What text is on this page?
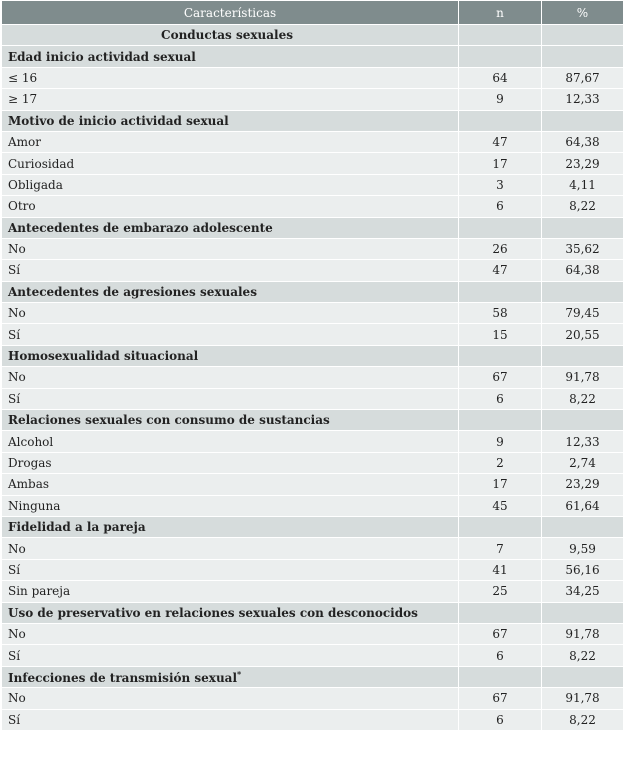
Características	n	%
Conductas sexuales		
Edad inicio actividad sexual		
≤ 16	64	87,67
≥ 17	9	12,33
Motivo de inicio actividad sexual		
Amor	47	64,38
Curiosidad	17	23,29
Obligada	3	4,11
Otro	6	8,22
Antecedentes de embarazo adolescente		
No	26	35,62
Sí	47	64,38
Antecedentes de agresiones sexuales		
No	58	79,45
Sí	15	20,55
Homosexualidad situacional		
No	67	91,78
Sí	6	8,22
Relaciones sexuales con consumo de sustancias		
Alcohol	9	12,33
Drogas	2	2,74
Ambas	17	23,29
Ninguna	45	61,64
Fidelidad a la pareja		
No	7	9,59
Sí	41	56,16
Sin pareja	25	34,25
Uso de preservativo en relaciones sexuales con desconocidos		
No	67	91,78
Sí	6	8,22
Infecciones de transmisión sexual*		
No	67	91,78
Sí	6	8,22
